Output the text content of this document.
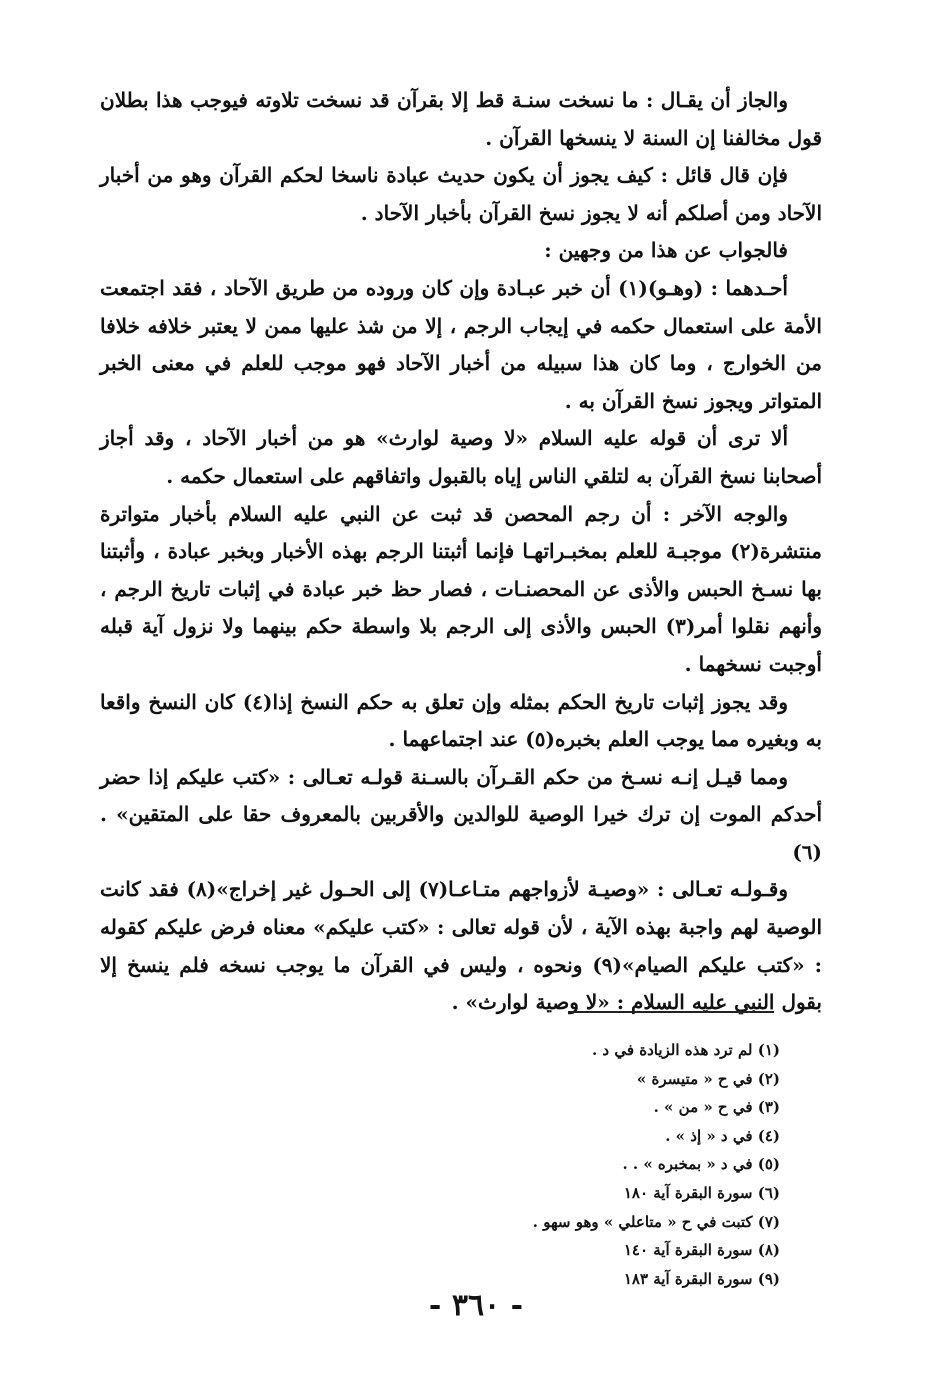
والجاز أن يقـال : ما نسخت سنـة قط إلا بقرآن قد نسخت تلاوته فيوجب هذا بطلان قول مخالفنا إن السنة لا ينسخها القرآن .

فإن قال قائل : كيف يجوز أن يكون حديث عبادة ناسخا لحكم القرآن وهو من أخبار الآحاد ومن أصلكم أنه لا يجوز نسخ القرآن بأخبار الآحاد .

فالجواب عن هذا من وجهين :

أحـدهما : (وهـو)(١) أن خبر عبـادة وإن كان وروده من طريق الآحاد ، فقد اجتمعت الأمة على استعمال حكمه في إيجاب الرجم ، إلا من شذ عليها ممن لا يعتبر خلافه خلافا من الخوارج ، وما كان هذا سبيله من أخبار الآحاد فهو موجب للعلم في معنى الخبر المتواتر ويجوز نسخ القرآن به .

ألا ترى أن قوله عليه السلام «لا وصية لوارث» هو من أخبار الآحاد ، وقد أجاز أصحابنا نسخ القرآن به لتلقي الناس إياه بالقبول واتفاقهم على استعمال حكمه .

والوجه الآخر : أن رجم المحصن قد ثبت عن النبي عليه السلام بأخبار متواترة منتشرة(٢) موجبـة للعلم بمخبـراتهـا فإنما أثبتنا الرجم بهذه الأخبار وبخبر عبادة ، وأثبتنا بها نسـخ الحبس والأذى عن المحصنـات ، فصار حظ خبر عبادة في إثبات تاريخ الرجم ، وأنهم نقلوا أمر(٣) الحبس والأذى إلى الرجم بلا واسطة حكم بينهما ولا نزول آية قبله أوجبت نسخهما .

وقد يجوز إثبات تاريخ الحكم بمثله وإن تعلق به حكم النسخ إذا(٤) كان النسخ واقعا به وبغيره مما يوجب العلم بخبره(٥) عند اجتماعهما .

ومما قيـل إنـه نسـخ من حكم القـرآن بالسـنة قولـه تعـالى : «كتب عليكم إذا حضر أحدكم الموت إن ترك خيرا الوصية للوالدين والأقربين بالمعروف حقا على المتقين» . (٦)

وقـولـه تعـالى : «وصيـة لأزواجهم متـاعـا(٧) إلى الحـول غير إخراج»(٨) فقد كانت الوصية لهم واجبة بهذه الآية ، لأن قوله تعالى : «كتب عليكم» معناه فرض عليكم كقوله : «كتب عليكم الصيام»(٩) ونحوه ، وليس في القرآن ما يوجب نسخه فلم ينسخ إلا بقول النبي عليه السلام : «لا وصية لوارث» .

(١) لم ترد هذه الزيادة في د .
(٢) في ح « متيسرة »
(٣) في ح « من » .
(٤) في د « إذ » .
(٥) في د « بمخبره » . .
(٦) سورة البقرة آية ١٨٠
(٧) كتبت في ح « متاعلي » وهو سهو .
(٨) سورة البقرة آية ١٤٠
(٩) سورة البقرة آية ١٨٣
- ٣٦٠ -
